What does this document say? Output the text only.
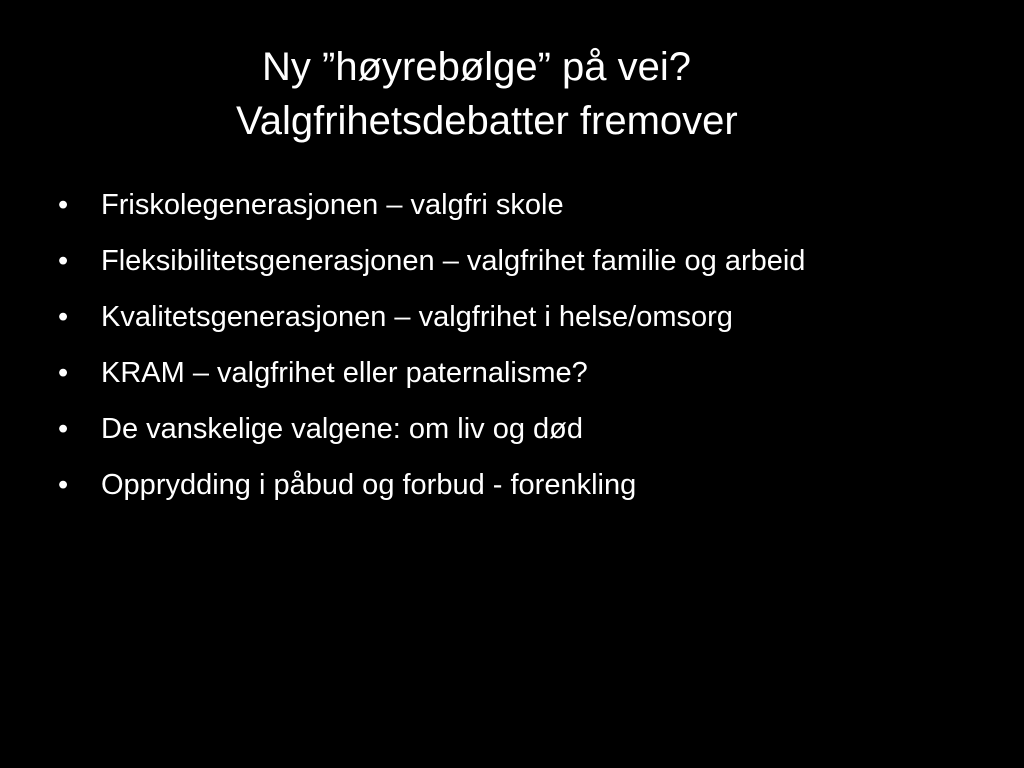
Ny ”høyrebølge” på vei?
Valgfrihetsdebatter fremover
• Friskolegenerasjonen – valgfri skole
• Fleksibilitetsgenerasjonen – valgfrihet familie og arbeid
• Kvalitetsgenerasjonen – valgfrihet i helse/omsorg
• KRAM – valgfrihet eller paternalisme?
• De vanskelige valgene: om liv og død
• Opprydding i påbud og forbud - forenkling
